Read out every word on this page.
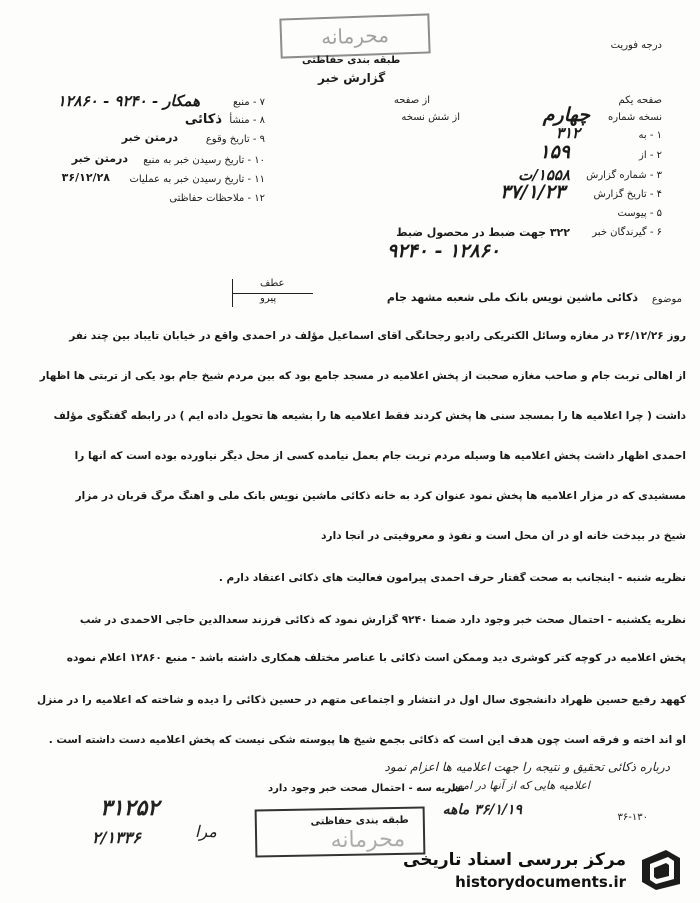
محرمانه	درجه فوریت
طبقه بندی حفاظتی
گزارش خبر
صفحه یکم
از صفحه
نسخه شماره
چهارم
از شش نسخه
۱ - به
۳۱۲
۲ - از
۱۵۹
۳ - شماره گزارش
۱۵۵۸/ت
۴ - تاریخ گزارش
۳۷/۱/۲۳
۵ - پیوست
۶ - گیرندگان خبر
۳۲۲ جهت ضبط در محصول ضبط
۱۲۸۶۰ - ۹۲۴۰
۷ - منبع
همکار - ۹۲۴۰ - ۱۲۸۶۰
۸ - منشأ
ذکائی
۹ - تاریخ وقوع
درمتن خبر
۱۰ - تاریخ رسیدن خبر به منبع
درمتن خبر
۱۱ - تاریخ رسیدن خبر به عملیات
۳۶/۱۲/۲۸
۱۲ - ملاحظات حفاظتی
عطف
پیرو	موضوع
ذکائی ماشین نویس بانک ملی شعبه مشهد جام
روز ۳۶/۱۲/۲۶ در مغازه وسائل الکتریکی رادیو رجحانگی آقای اسماعیل مؤلف در احمدی واقع در خیابان تایباد بین چند نفر
از اهالی تربت جام و صاحب مغازه صحبت از پخش اعلامیه در مسجد جامع بود که بین مردم شیخ جام بود یکی از تربتی ها اظهار
داشت ( چرا اعلامیه ها را بمسجد سنی ها پخش کردند فقط اعلامیه ها را بشیعه ها تحویل داده ایم ) در رابطه گفتگوی مؤلف
احمدی اظهار داشت پخش اعلامیه ها وسیله مردم تربت جام بعمل نیامده کسی از محل دیگر نیاورده بوده است که آنها را
مسشیدی که در مزار اعلامیه ها پخش نمود عنوان کرد به خانه ذکائی ماشین نویس بانک ملی و اهنگ مرگ قربان در مزار
شیخ در بیدخت خانه او در آن محل است و نفوذ و معروفیتی در آنجا دارد
نظریه شنبه - اینجانب به صحت گفتار حرف احمدی پیرامون فعالیت های ذکائی اعتقاد دارم .
نظریه یکشنبه - احتمال صحت خبر وجود دارد ضمناً ۹۲۴۰ گزارش نمود که ذکائی فرزند سعدالدین حاجی الاحمدی در شب
پخش اعلامیه در کوچه کتر کوشری دید وممکن است ذکائی با عناصر مختلف همکاری داشته باشد - منبع ۱۲۸۶۰ اعلام نموده
کههد رفیع حسین ظهراد دانشجوی سال اول در انتشار و اجتماعی متهم در حسین ذکائی را دیده و شاخته که اعلامیه را در منزل
او اند اخته و فرقه است چون هدف این است که ذکائی بجمع شیخ ها پیوسته شکی نیست که پخش اعلامیه دست داشته است .
درباره ذکائی تحقیق و نتیجه را جهت اعلامیه ها اعزام نمود
اعلامیه هایی که از آنها در امور
نظریه سه - احتمال صحت خبر وجود دارد
۳۱۲۵۲
۲/۱۳۳۶	مرا
۳۶/۱/۱۹ ماهه	۳۶-۱۳۰
طبقه بندی حفاظتی
محرمانه
مرکز بررسی اسناد تاریخی
historydocuments.ir
